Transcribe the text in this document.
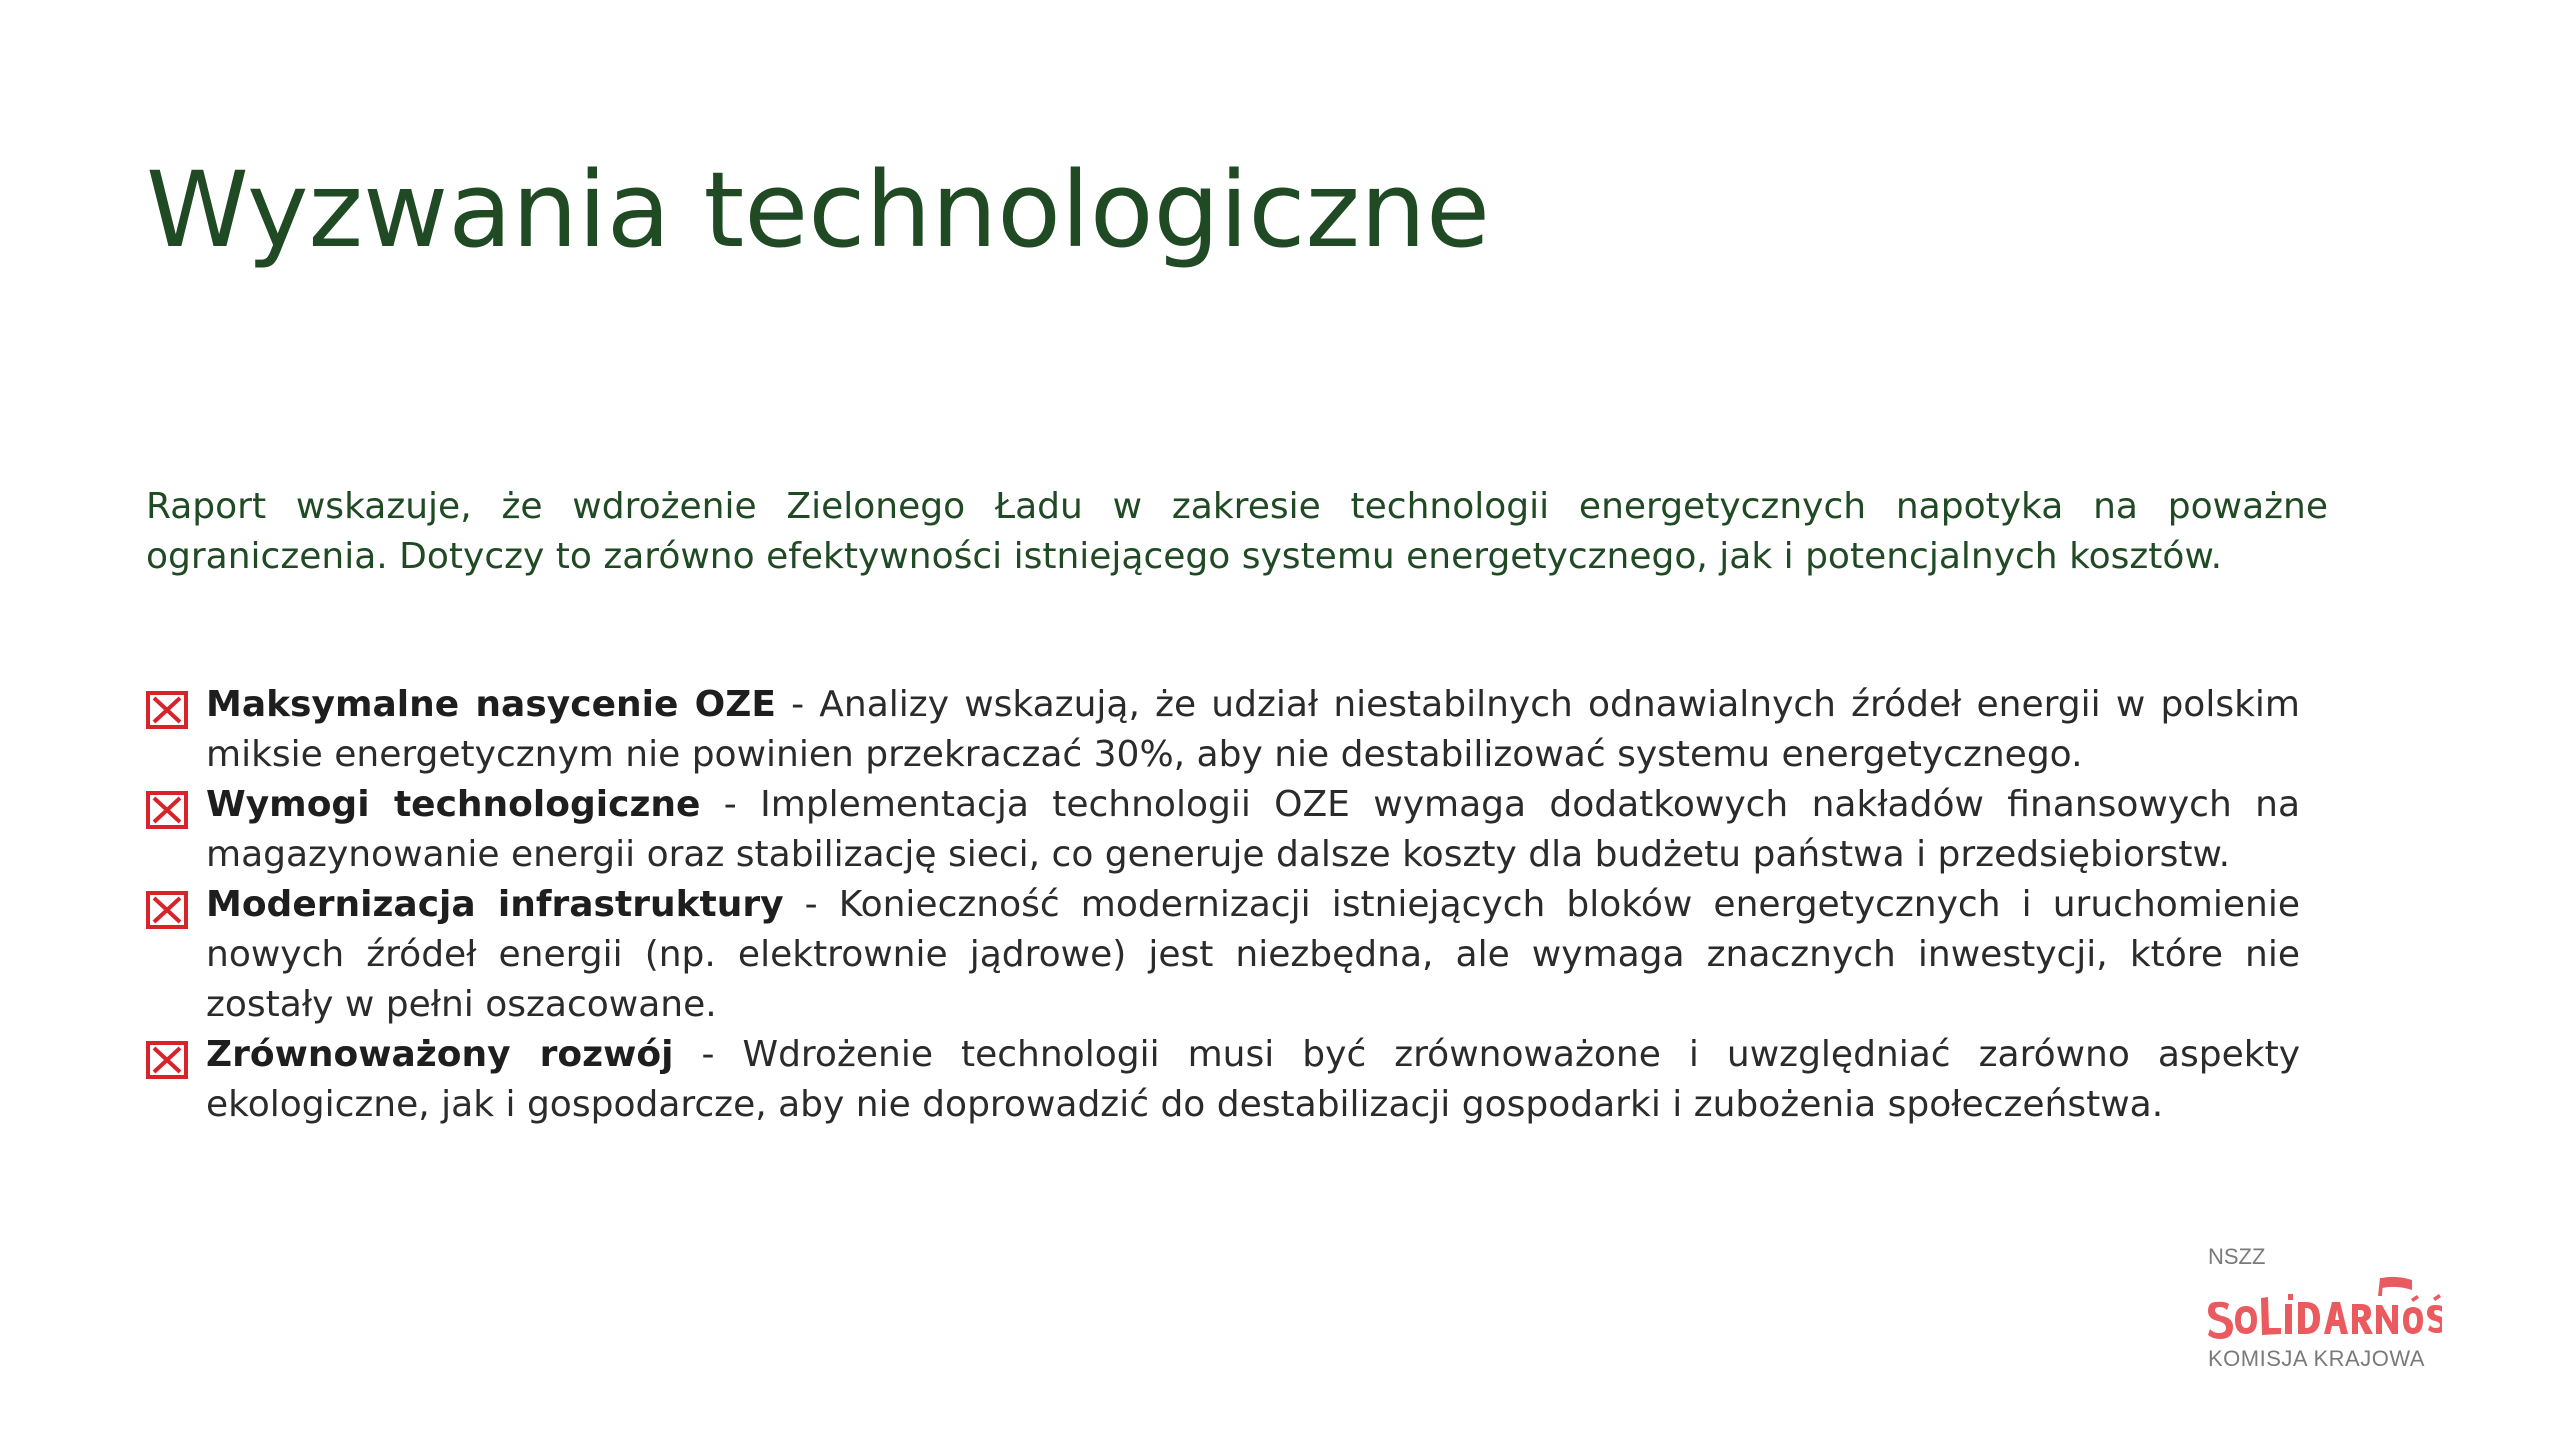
Wyzwania technologiczne

Raport wskazuje, że wdrożenie Zielonego Ładu w zakresie technologii energetycznych napotyka na poważne ograniczenia. Dotyczy to zarówno efektywności istniejącego systemu energetycznego, jak i potencjalnych kosztów.

Maksymalne nasycenie OZE - Analizy wskazują, że udział niestabilnych odnawialnych źródeł energii w polskim miksie energetycznym nie powinien przekraczać 30%, aby nie destabilizować systemu energetycznego.
Wymogi technologiczne - Implementacja technologii OZE wymaga dodatkowych nakładów finansowych na magazynowanie energii oraz stabilizację sieci, co generuje dalsze koszty dla budżetu państwa i przedsiębiorstw.
Modernizacja infrastruktury - Konieczność modernizacji istniejących bloków energetycznych i uruchomienie nowych źródeł energii (np. elektrownie jądrowe) jest niezbędna, ale wymaga znacznych inwestycji, które nie zostały w pełni oszacowane.
Zrównoważony rozwój - Wdrożenie technologii musi być zrównoważone i uwzględniać zarówno aspekty ekologiczne, jak i gospodarcze, aby nie doprowadzić do destabilizacji gospodarki i zubożenia społeczeństwa.
NSZZ
KOMISJA KRAJOWA
